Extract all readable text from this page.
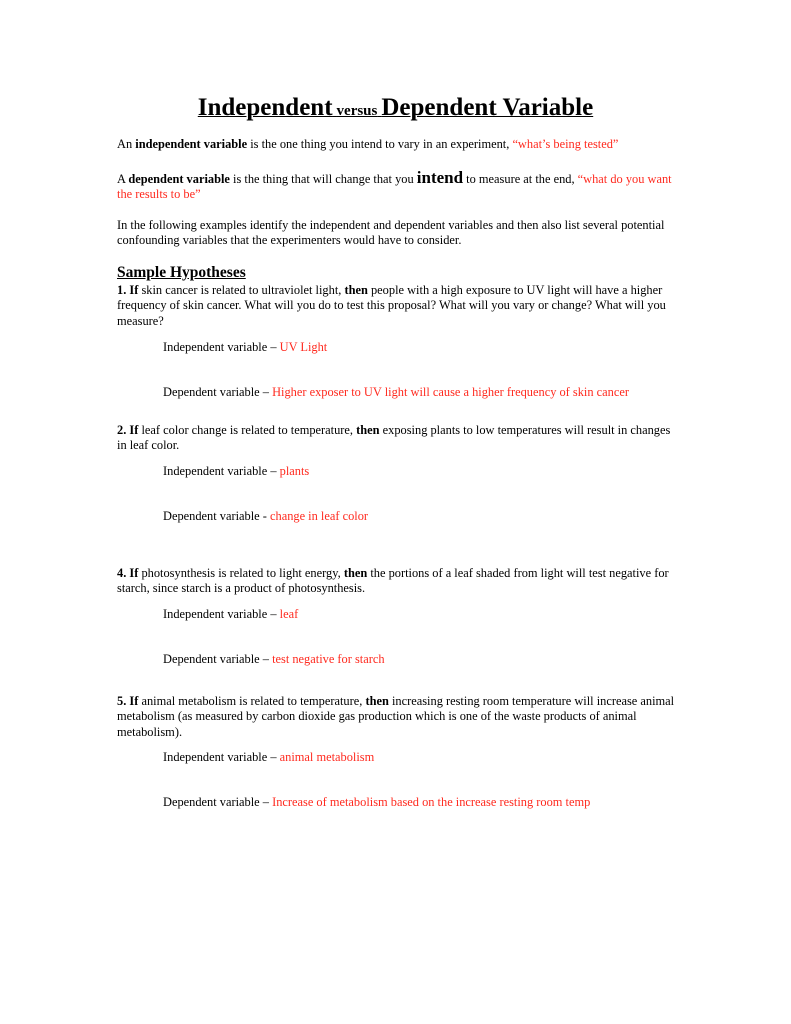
Independent versus Dependent Variable
An independent variable is the one thing you intend to vary in an experiment, “what’s being tested”
A dependent variable is the thing that will change that you intend to measure at the end, “what do you want the results to be”
In the following examples identify the independent and dependent variables and then also list several potential confounding variables that the experimenters would have to consider.
Sample Hypotheses
1. If skin cancer is related to ultraviolet light, then people with a high exposure to UV light will have a higher frequency of skin cancer. What will you do to test this proposal? What will you vary or change? What will you measure?
Independent variable – UV Light
Dependent variable – Higher exposer to UV light will cause a higher frequency of skin cancer
2. If leaf color change is related to temperature, then exposing plants to low temperatures will result in changes in leaf color.
Independent variable – plants
Dependent variable - change in leaf color
4. If photosynthesis is related to light energy, then the portions of a leaf shaded from light will test negative for starch, since starch is a product of photosynthesis.
Independent variable – leaf
Dependent variable – test negative for starch
5. If animal metabolism is related to temperature, then increasing resting room temperature will increase animal metabolism (as measured by carbon dioxide gas production which is one of the waste products of animal metabolism).
Independent variable – animal metabolism
Dependent variable – Increase of metabolism based on the increase resting room temp
